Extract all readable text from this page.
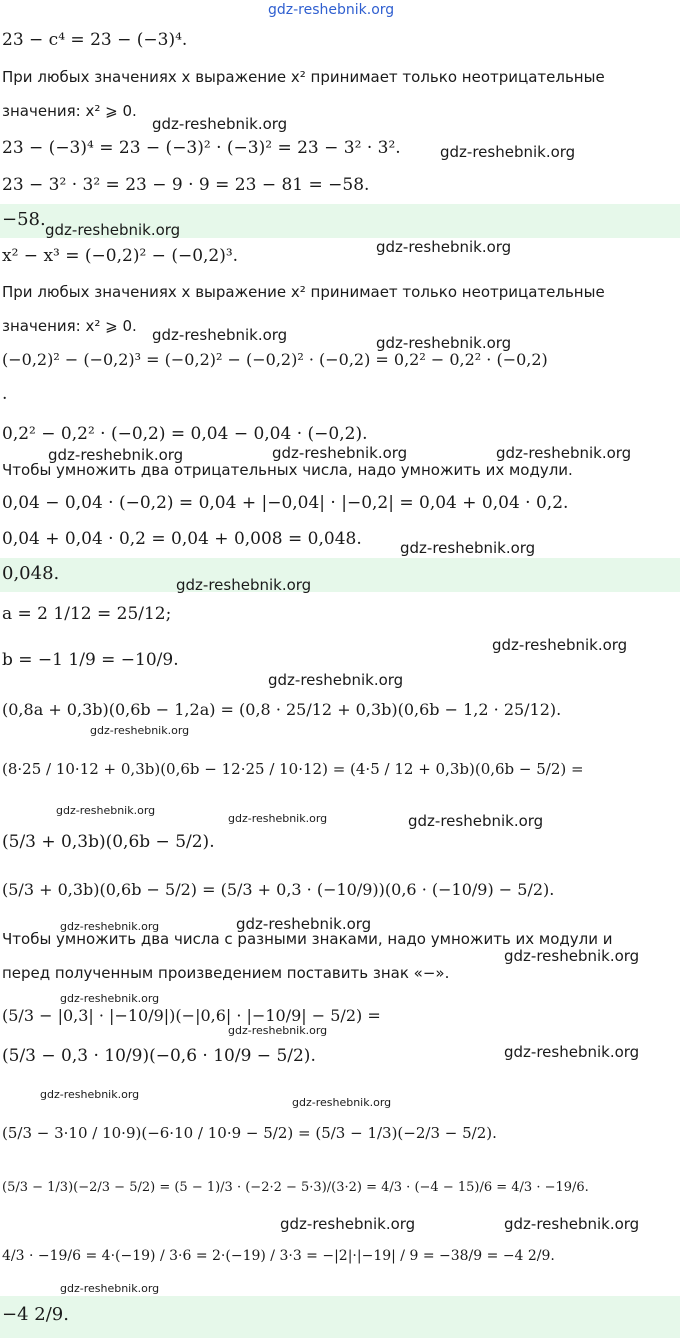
gdz-reshebnik.org
23 − c⁴ = 23 − (−3)⁴.
При любых значениях x выражение x² принимает только неотрицательные
значения: x² ⩾ 0.
gdz-reshebnik.org
23 − (−3)⁴ = 23 − (−3)² · (−3)² = 23 − 3² · 3².	gdz-reshebnik.org
23 − 3² · 3² = 23 − 9 · 9 = 23 − 81 = −58.
−58. gdz-reshebnik.org
x² − x³ = (−0,2)² − (−0,2)³.	gdz-reshebnik.org
При любых значениях x выражение x² принимает только неотрицательные
значения: x² ⩾ 0. gdz-reshebnik.org	gdz-reshebnik.org
(−0,2)² − (−0,2)³ = (−0,2)² − (−0,2)² · (−0,2) = 0,2² − 0,2² · (−0,2)
.
0,2² − 0,2² · (−0,2) = 0,04 − 0,04 · (−0,2).
gdz-reshebnik.org	gdz-reshebnik.org	gdz-reshebnik.org
Чтобы умножить два отрицательных числа, надо умножить их модули.
0,04 − 0,04 · (−0,2) = 0,04 + |−0,04| · |−0,2| = 0,04 + 0,04 · 0,2.
0,04 + 0,04 · 0,2 = 0,04 + 0,008 = 0,048.	gdz-reshebnik.org
0,048.
gdz-reshebnik.org
a = 2 1/12 = 25/12;
gdz-reshebnik.org
b = −1 1/9 = −10/9.
gdz-reshebnik.org
(0,8a + 0,3b)(0,6b − 1,2a) = (0,8 · 25/12 + 0,3b)(0,6b − 1,2 · 25/12).
gdz-reshebnik.org
(8·25 / 10·12 + 0,3b)(0,6b − 12·25 / 10·12) = (4·5 / 12 + 0,3b)(0,6b − 5/2) =
gdz-reshebnik.org
gdz-reshebnik.org	gdz-reshebnik.org
(5/3 + 0,3b)(0,6b − 5/2).
(5/3 + 0,3b)(0,6b − 5/2) = (5/3 + 0,3 · (−10/9))(0,6 · (−10/9) − 5/2).
gdz-reshebnik.org	gdz-reshebnik.org
Чтобы умножить два числа с разными знаками, надо умножить их модули и
gdz-reshebnik.org
перед полученным произведением поставить знак «−».
gdz-reshebnik.org
(5/3 − |0,3| · |−10/9|)(−|0,6| · |−10/9| − 5/2) =
gdz-reshebnik.org
gdz-reshebnik.org
(5/3 − 0,3 · 10/9)(−0,6 · 10/9 − 5/2).
gdz-reshebnik.org
gdz-reshebnik.org
(5/3 − 3·10 / 10·9)(−6·10 / 10·9 − 5/2) = (5/3 − 1/3)(−2/3 − 5/2).
(5/3 − 1/3)(−2/3 − 5/2) = (5 − 1)/3 · (−2·2 − 5·3)/(3·2) = 4/3 · (−4 − 15)/6 = 4/3 · −19/6.
gdz-reshebnik.org	gdz-reshebnik.org
4/3 · −19/6 = 4·(−19) / 3·6 = 2·(−19) / 3·3 = −|2|·|−19| / 9 = −38/9 = −4 2/9.
gdz-reshebnik.org
−4 2/9.
